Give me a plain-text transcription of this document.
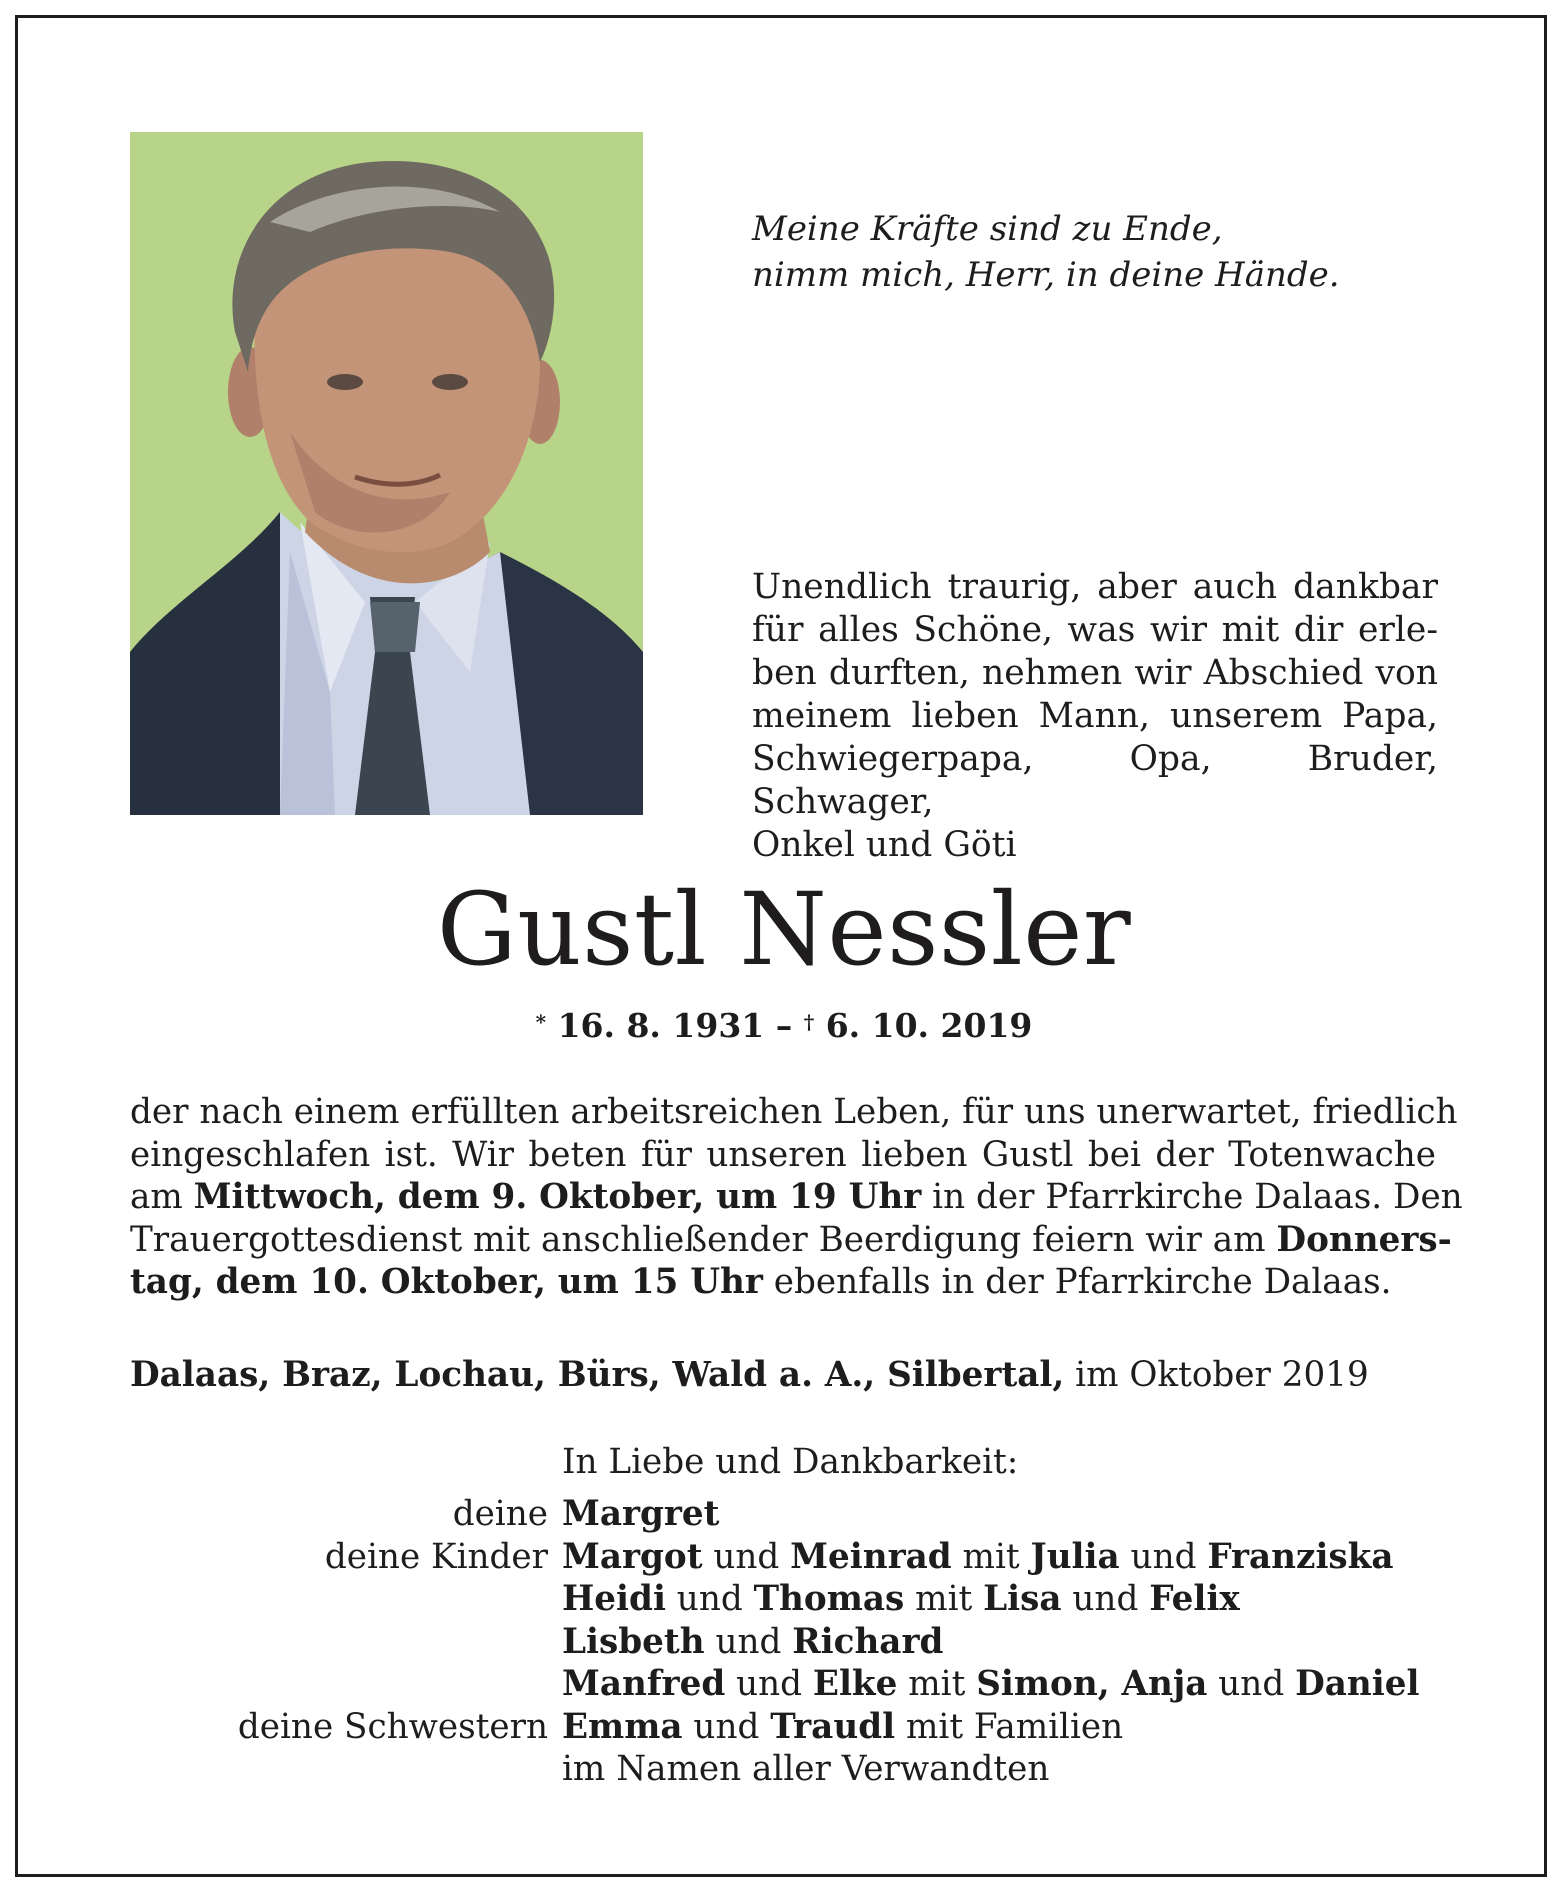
Meine Kräfte sind zu Ende,
nimm mich, Herr, in deine Hände.
Unendlich traurig, aber auch dankbar
für alles Schöne, was wir mit dir erle-
ben durften, nehmen wir Abschied von
meinem lieben Mann, unserem Papa,
Schwiegerpapa, Opa, Bruder, Schwager,
Onkel und Göti
Gustl Nessler
* 16. 8. 1931 – † 6. 10. 2019
der nach einem erfüllten arbeitsreichen Leben, für uns unerwartet, friedlich
eingeschlafen ist. Wir beten für unseren lieben Gustl bei der Totenwache
am Mittwoch, dem 9. Oktober, um 19 Uhr in der Pfarrkirche Dalaas. Den
Trauergottesdienst mit anschließender Beerdigung feiern wir am Donners-
tag, dem 10. Oktober, um 15 Uhr ebenfalls in der Pfarrkirche Dalaas.
Dalaas, Braz, Lochau, Bürs, Wald a. A., Silbertal, im Oktober 2019
In Liebe und Dankbarkeit:
deine Margret
deine Kinder Margot und Meinrad mit Julia und Franziska
Heidi und Thomas mit Lisa und Felix
Lisbeth und Richard
Manfred und Elke mit Simon, Anja und Daniel
deine Schwestern Emma und Traudl mit Familien
im Namen aller Verwandten
